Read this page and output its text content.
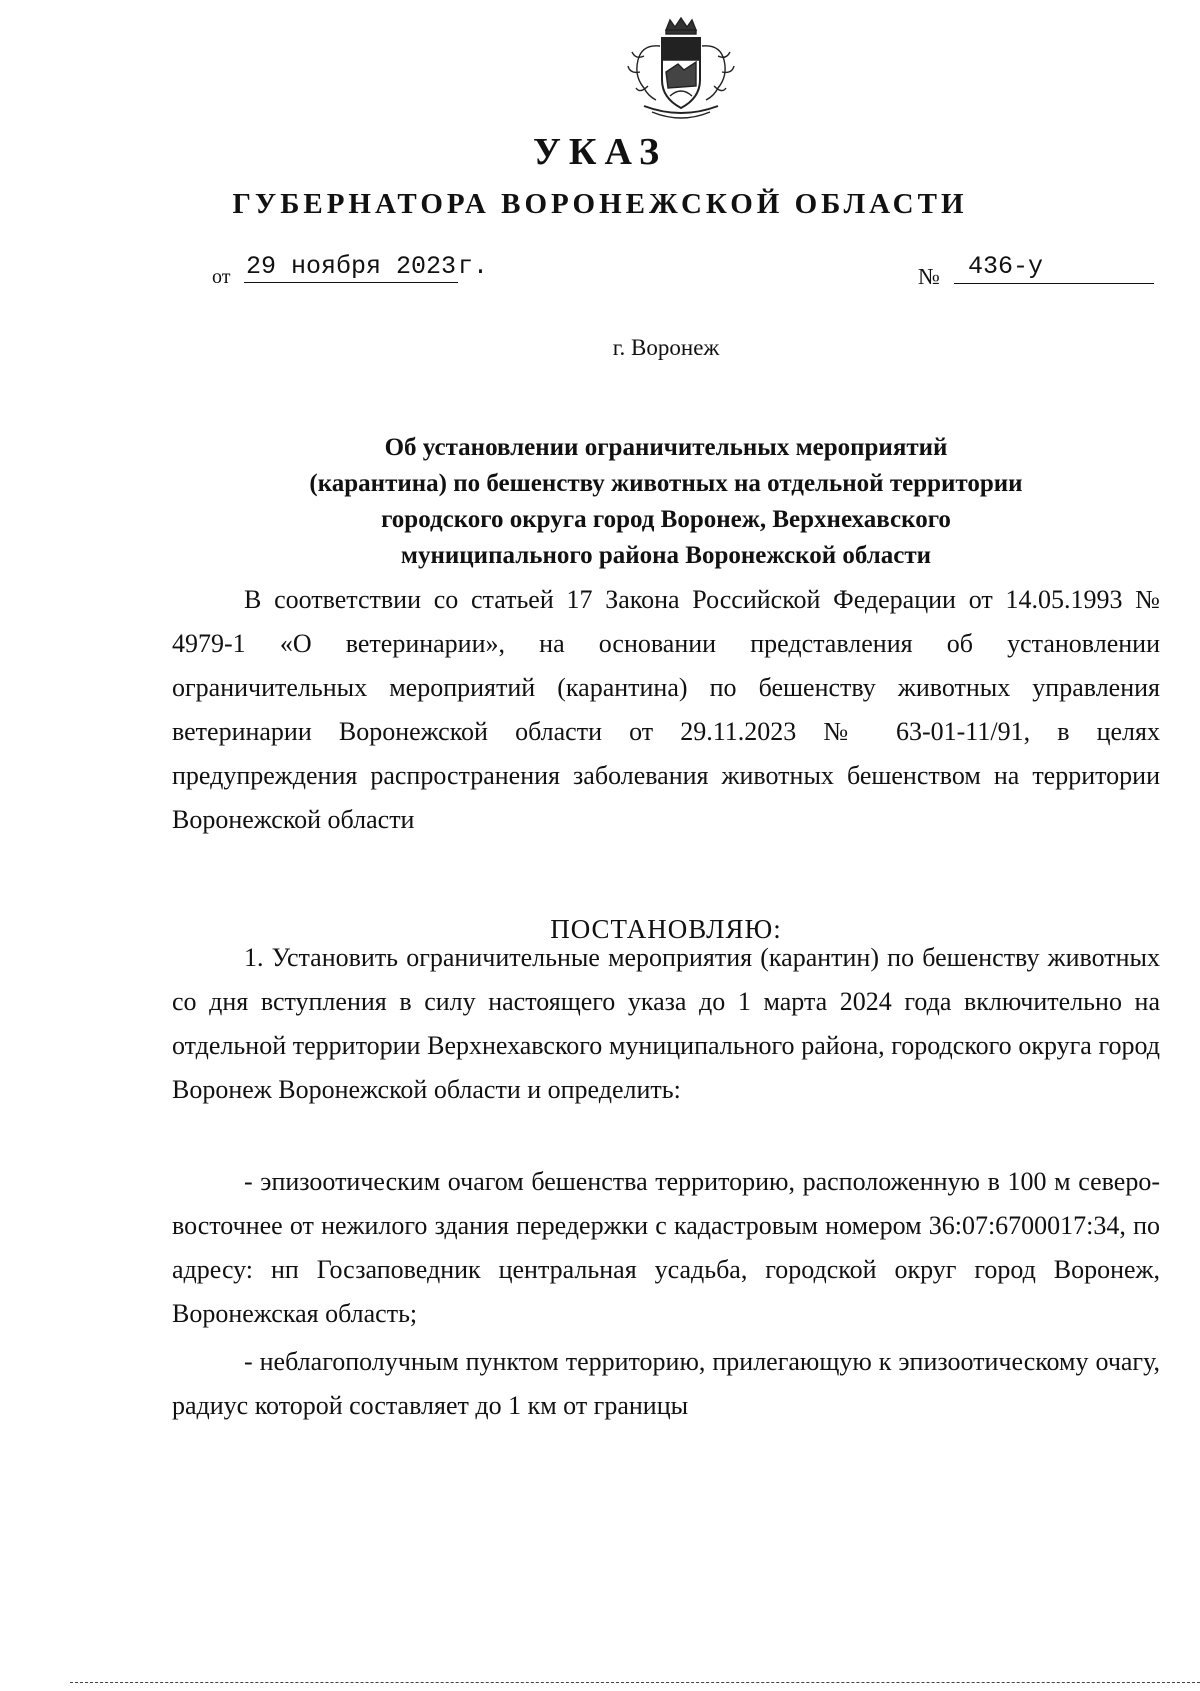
УКАЗ
ГУБЕРНАТОРА ВОРОНЕЖСКОЙ ОБЛАСТИ
от 29 ноября 2023 г.	№	436-у
г. Воронеж
Об установлении ограничительных мероприятий
(карантина) по бешенству животных на отдельной территории
городского округа город Воронеж, Верхнехавского
муниципального района Воронежской области

В соответствии со статьей 17 Закона Российской Федерации от 14.05.1993 № 4979-1 «О ветеринарии», на основании представления об установлении ограничительных мероприятий (карантина) по бешенству животных управления ветеринарии Воронежской области от 29.11.2023 № 63-01-11/91, в целях предупреждения распространения заболевания животных бешенством на территории Воронежской области

ПОСТАНОВЛЯЮ:

1. Установить ограничительные мероприятия (карантин) по бешенству животных со дня вступления в силу настоящего указа до 1 марта 2024 года включительно на отдельной территории Верхнехавского муниципального района, городского округа город Воронеж Воронежской области и определить:

- эпизоотическим очагом бешенства территорию, расположенную в 100 м северо-восточнее от нежилого здания передержки с кадастровым номером 36:07:6700017:34, по адресу: нп Госзаповедник центральная усадьба, городской округ город Воронеж, Воронежская область;

- неблагополучным пунктом территорию, прилегающую к эпизоотическому очагу, радиус которой составляет до 1 км от границы
